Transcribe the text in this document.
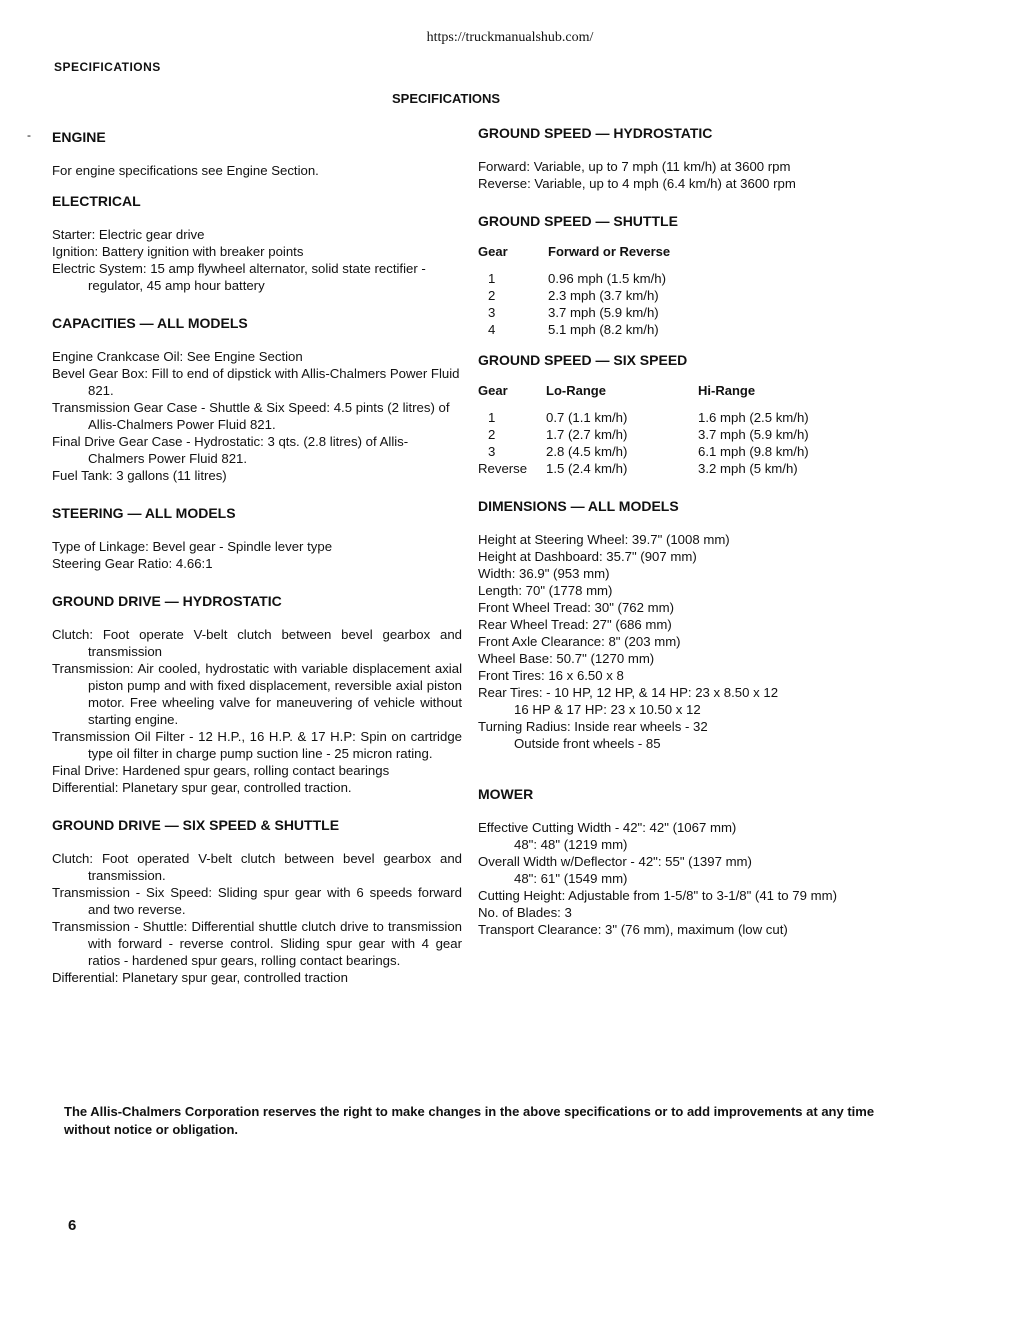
https://truckmanualshub.com/
-
SPECIFICATIONS
SPECIFICATIONS
ENGINE

For engine specifications see Engine Section.

ELECTRICAL

Starter: Electric gear drive

Ignition: Battery ignition with breaker points

Electric System: 15 amp flywheel alternator, solid state rectifier - regulator, 45 amp hour battery

CAPACITIES — ALL MODELS

Engine Crankcase Oil: See Engine Section

Bevel Gear Box: Fill to end of dipstick with Allis-Chalmers Power Fluid 821.

Transmission Gear Case - Shuttle & Six Speed: 4.5 pints (2 litres) of Allis-Chalmers Power Fluid 821.

Final Drive Gear Case - Hydrostatic: 3 qts. (2.8 litres) of Allis-Chalmers Power Fluid 821.

Fuel Tank: 3 gallons (11 litres)

STEERING — ALL MODELS

Type of Linkage: Bevel gear - Spindle lever type

Steering Gear Ratio: 4.66:1

GROUND DRIVE — HYDROSTATIC

Clutch: Foot operate V-belt clutch between bevel gearbox and transmission

Transmission: Air cooled, hydrostatic with variable displacement axial piston pump and with fixed displacement, reversible axial piston motor. Free wheeling valve for maneuvering of vehicle without starting engine.

Transmission Oil Filter - 12 H.P., 16 H.P. & 17 H.P: Spin on cartridge type oil filter in charge pump suction line - 25 micron rating.

Final Drive: Hardened spur gears, rolling contact bearings

Differential: Planetary spur gear, controlled traction.

GROUND DRIVE — SIX SPEED & SHUTTLE

Clutch: Foot operated V-belt clutch between bevel gearbox and transmission.

Transmission - Six Speed: Sliding spur gear with 6 speeds forward and two reverse.

Transmission - Shuttle: Differential shuttle clutch drive to transmission with forward - reverse control. Sliding spur gear with 4 gear ratios - hardened spur gears, rolling contact bearings.

Differential: Planetary spur gear, controlled traction

GROUND SPEED — HYDROSTATIC

Forward: Variable, up to 7 mph (11 km/h) at 3600 rpm

Reverse: Variable, up to 4 mph (6.4 km/h) at 3600 rpm

GROUND SPEED — SHUTTLE
Gear	Forward or Reverse

1	0.96 mph (1.5 km/h)
2	2.3 mph (3.7 km/h)
3	3.7 mph (5.9 km/h)
4	5.1 mph (8.2 km/h)
GROUND SPEED — SIX SPEED
Gear	Lo-Range	Hi-Range

1	0.7 (1.1 km/h)	1.6 mph (2.5 km/h)
2	1.7 (2.7 km/h)	3.7 mph (5.9 km/h)
3	2.8 (4.5 km/h)	6.1 mph (9.8 km/h)
Reverse	1.5 (2.4 km/h)	3.2 mph (5 km/h)
DIMENSIONS — ALL MODELS

Height at Steering Wheel: 39.7" (1008 mm)

Height at Dashboard: 35.7" (907 mm)

Width: 36.9" (953 mm)

Length: 70" (1778 mm)

Front Wheel Tread: 30" (762 mm)

Rear Wheel Tread: 27" (686 mm)

Front Axle Clearance: 8" (203 mm)

Wheel Base: 50.7" (1270 mm)

Front Tires: 16 x 6.50 x 8

Rear Tires: - 10 HP, 12 HP, & 14 HP: 23 x 8.50 x 12

16 HP & 17 HP: 23 x 10.50 x 12

Turning Radius: Inside rear wheels - 32

Outside front wheels - 85

MOWER

Effective Cutting Width - 42": 42" (1067 mm)

48": 48" (1219 mm)

Overall Width w/Deflector - 42": 55" (1397 mm)

48": 61" (1549 mm)

Cutting Height: Adjustable from 1-5/8" to 3-1/8" (41 to 79 mm)

No. of Blades: 3

Transport Clearance: 3" (76 mm), maximum (low cut)

The Allis-Chalmers Corporation reserves the right to make changes in the above specifications or to add improvements at any time without notice or obligation.
6
